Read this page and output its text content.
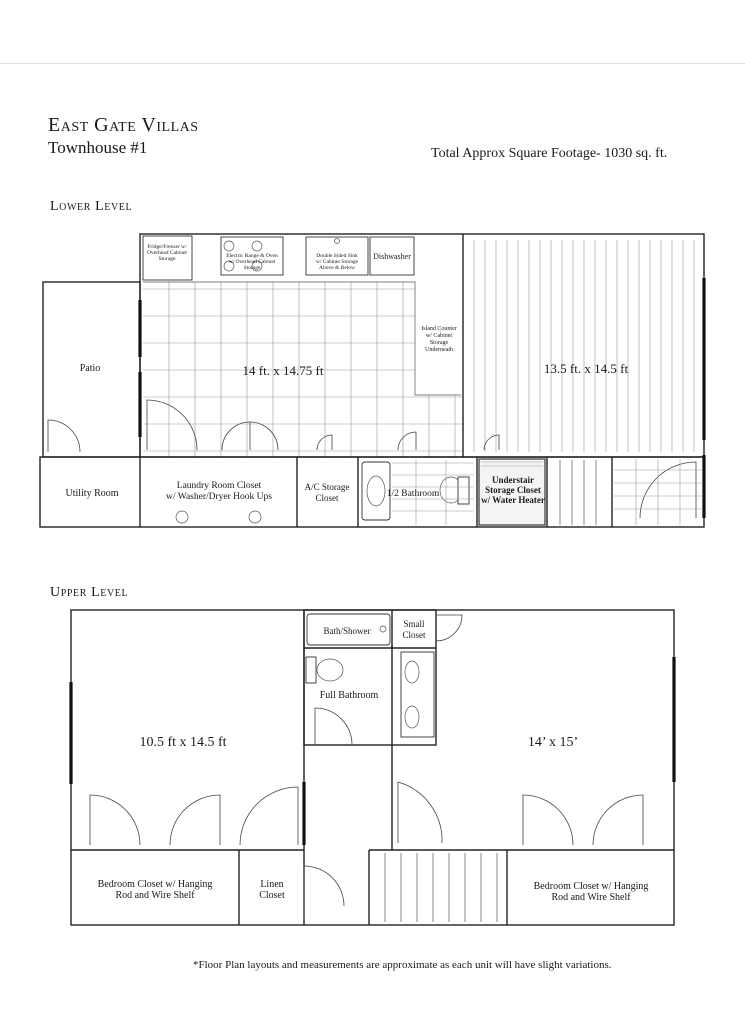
East Gate Villas
Townhouse #1	Total Approx Square Footage- 1030 sq. ft.
Lower Level
Upper Level
Fridge/Freezer w/ Overhead Cabinet Storage	Electric Range & Oven w/ Overhead Cabinet Storage
Double Sided Sink w/ Cabinet Storage Above & Below
Dishwasher
Island Counter w/ Cabinet Storage Underneath
14 ft. x 14.75 ft	13.5 ft. x 14.5 ft
Patio
Utility Room
Laundry Room Closet w/ Washer/Dryer Hook Ups
A/C Storage Closet	1/2 Bathroom
Understair Storage Closet w/ Water Heater
10.5 ft x 14.5 ft
Bath/Shower
Small Closet
Full Bathroom
14’ x 15’
Bedroom Closet w/ Hanging Rod and Wire Shelf
Linen Closet
Bedroom Closet w/ Hanging Rod and Wire Shelf
*Floor Plan layouts and measurements are approximate as each unit will have slight variations.
